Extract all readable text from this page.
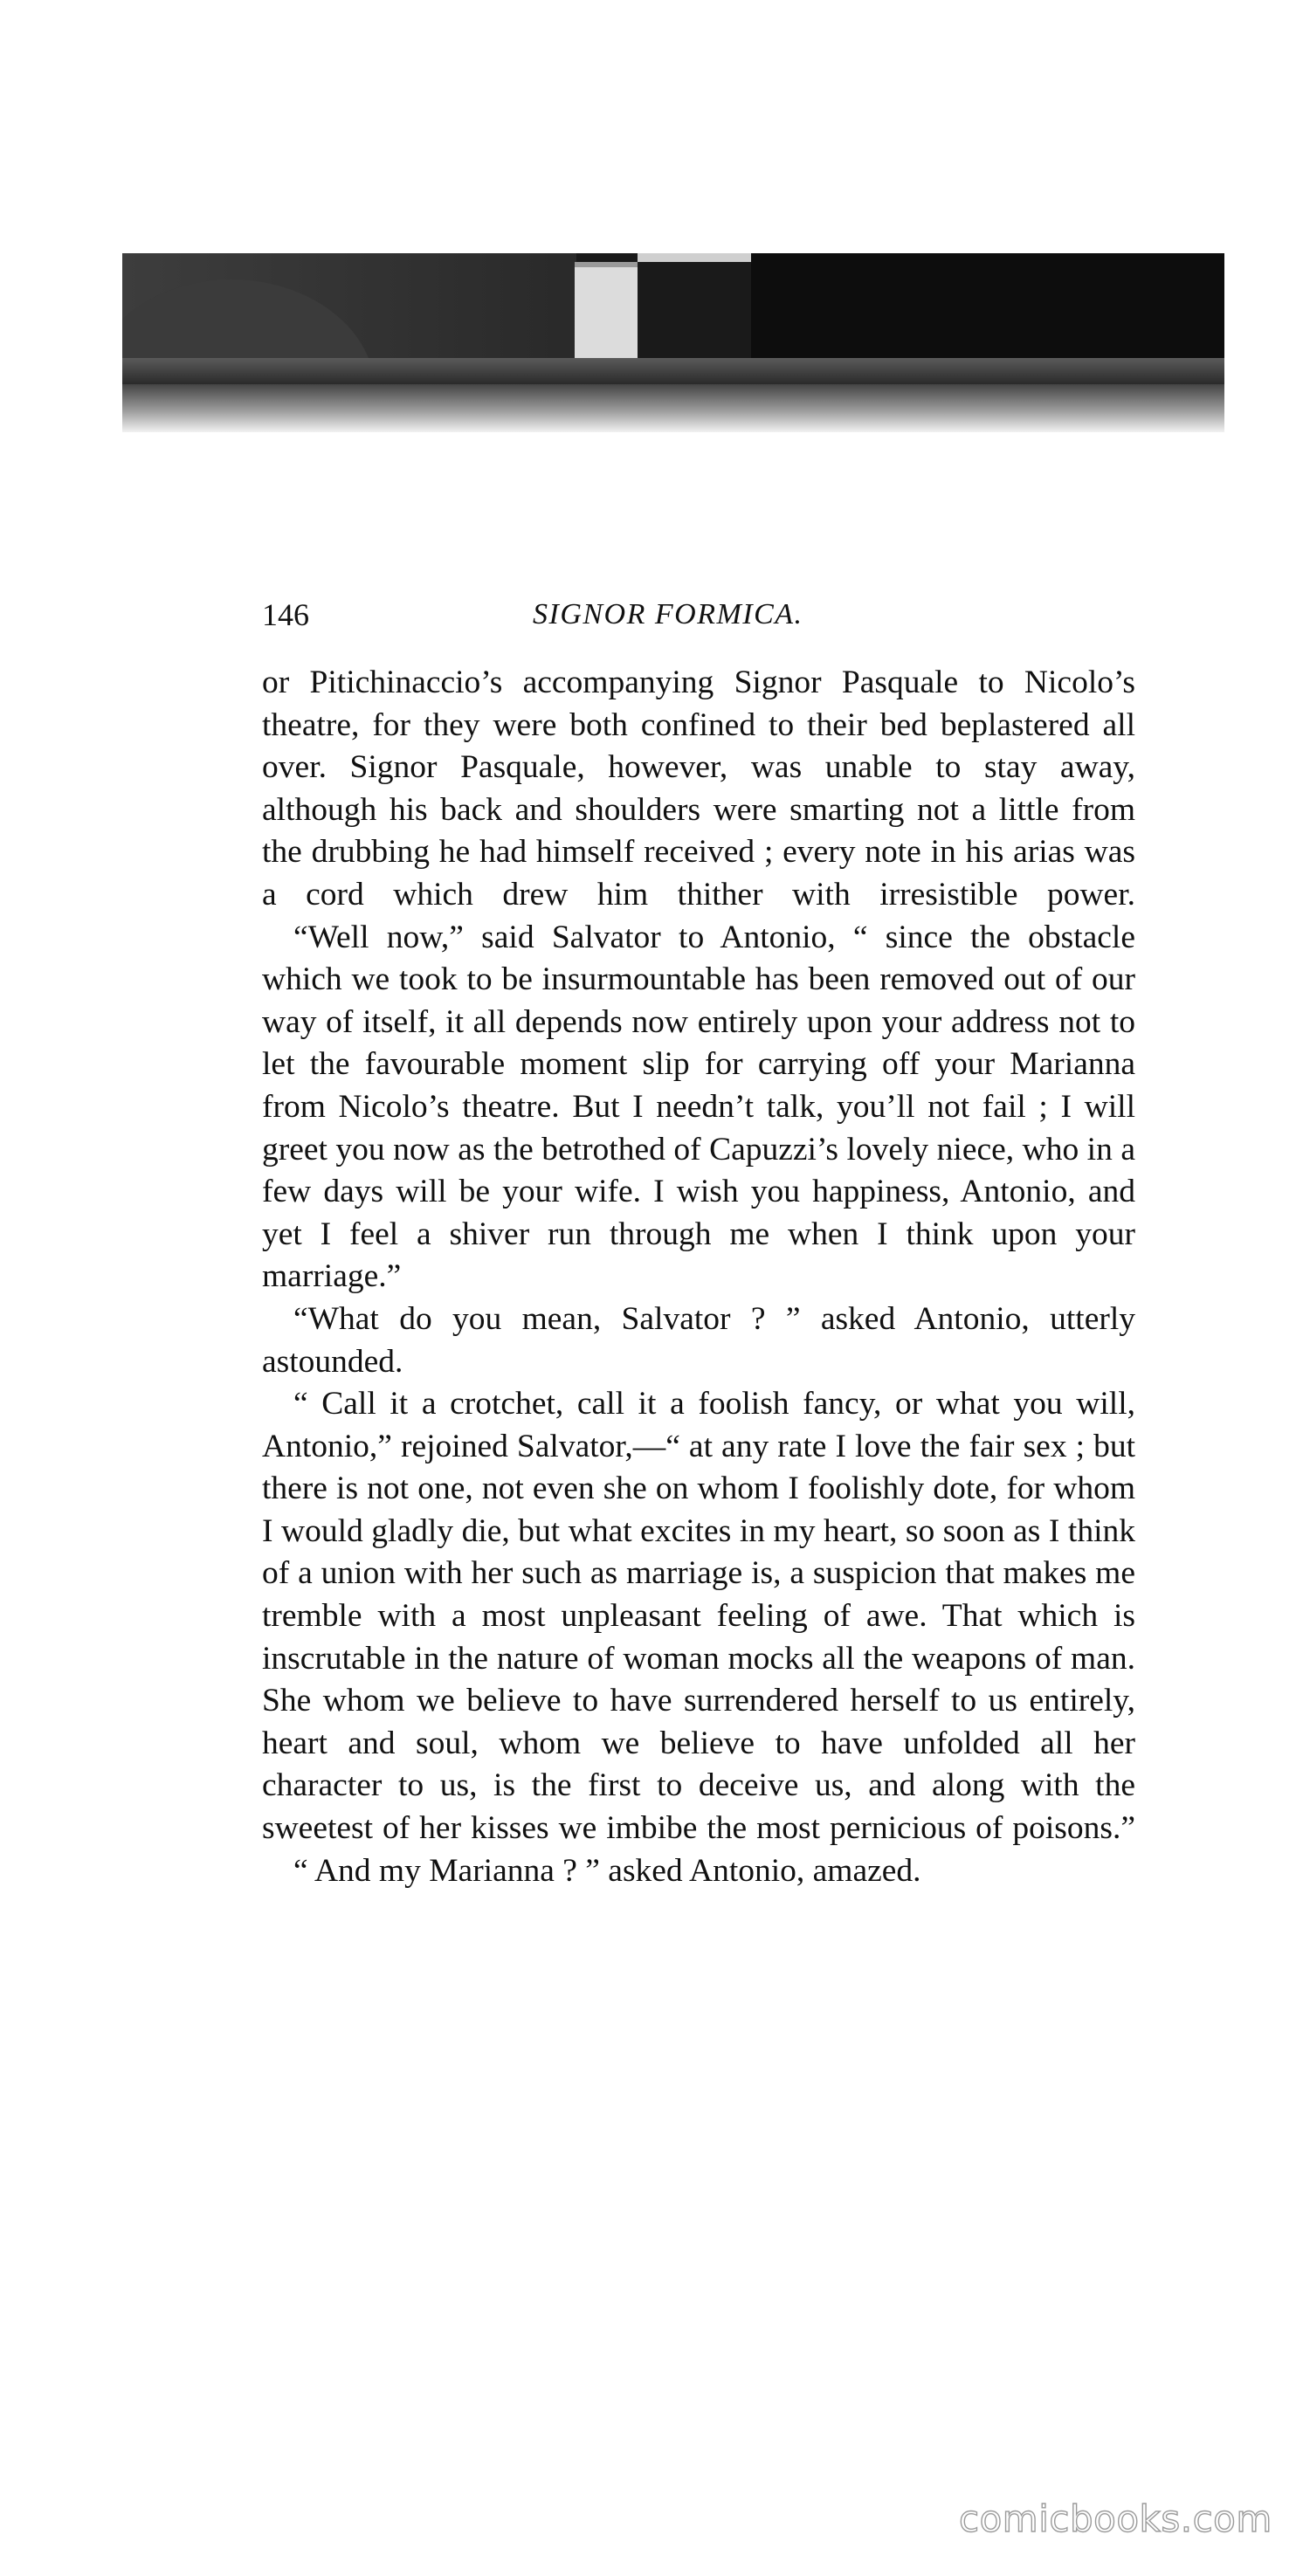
146	SIGNOR FORMICA.

or Pitichinaccio’s accompanying Signor Pasquale to Nicolo’s theatre, for they were both confined to their bed beplastered all over. Signor Pasquale, however, was unable to stay away, although his back and shoulders were smarting not a little from the drubbing he had himself received ; every note in his arias was a cord which drew him thither with irresistible power.

“Well now,” said Salvator to Antonio, “ since the obstacle which we took to be insurmountable has been removed out of our way of itself, it all depends now entirely upon your address not to let the favourable moment slip for carrying off your Marianna from Nicolo’s theatre. But I needn’t talk, you’ll not fail ; I will greet you now as the betrothed of Capuzzi’s lovely niece, who in a few days will be your wife. I wish you happiness, Antonio, and yet I feel a shiver run through me when I think upon your marriage.”

“What do you mean, Salvator ? ” asked Antonio, utterly astounded.

“ Call it a crotchet, call it a foolish fancy, or what you will, Antonio,” rejoined Salvator,—“ at any rate I love the fair sex ; but there is not one, not even she on whom I foolishly dote, for whom I would gladly die, but what excites in my heart, so soon as I think of a union with her such as marriage is, a suspicion that makes me tremble with a most unpleasant feeling of awe. That which is inscrutable in the nature of woman mocks all the weapons of man. She whom we believe to have surrendered herself to us entirely, heart and soul, whom we believe to have unfolded all her character to us, is the first to deceive us, and along with the sweetest of her kisses we imbibe the most pernicious of poisons.”

“ And my Marianna ? ” asked Antonio, amazed.

comicbooks.com
